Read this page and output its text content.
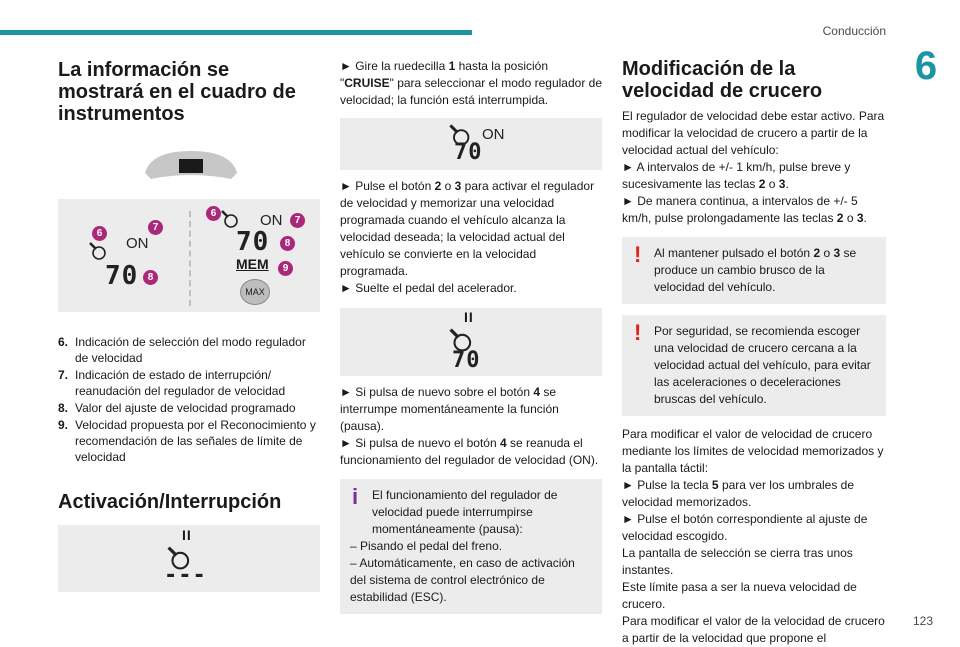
Conducción
6
La información se mostrará en el cuadro de instrumentos
ON
70
6
7
8
ON
70
MEM
MAX
6
7
8
9
6. Indicación de selección del modo regulador de velocidad
7. Indicación de estado de interrupción/ reanudación del regulador de velocidad
8. Valor del ajuste de velocidad programado
9. Velocidad propuesta por el Reconocimiento y recomendación de las señales de límite de velocidad
Activación/Interrupción
II
---

► Gire la ruedecilla 1 hasta la posición "CRUISE" para seleccionar el modo regulador de velocidad; la función está interrumpida.

ON
70

► Pulse el botón 2 o 3 para activar el regulador de velocidad y memorizar una velocidad programada cuando el vehículo alcanza la velocidad deseada; la velocidad actual del vehículo se convierte en la velocidad programada.

► Suelte el pedal del acelerador.

II
70

► Si pulsa de nuevo sobre el botón 4 se interrumpe momentáneamente la función (pausa).

► Si pulsa de nuevo el botón 4 se reanuda el funcionamiento del regulador de velocidad (ON).

i	El funcionamiento del regulador de velocidad puede interrumpirse momentáneamente (pausa):
– Pisando el pedal del freno.
– Automáticamente, en caso de activación del sistema de control electrónico de estabilidad (ESC).
Modificación de la velocidad de crucero

El regulador de velocidad debe estar activo. Para modificar la velocidad de crucero a partir de la velocidad actual del vehículo:

► A intervalos de +/- 1 km/h, pulse breve y sucesivamente las teclas 2 o 3.

► De manera continua, a intervalos de +/- 5 km/h, pulse prolongadamente las teclas 2 o 3.

!	Al mantener pulsado el botón 2 o 3 se produce un cambio brusco de la velocidad del vehículo.
!	Por seguridad, se recomienda escoger una velocidad de crucero cercana a la velocidad actual del vehículo, para evitar las aceleraciones o deceleraciones bruscas del vehículo.

Para modificar el valor de velocidad de crucero mediante los límites de velocidad memorizados y la pantalla táctil:

► Pulse la tecla 5 para ver los umbrales de velocidad memorizados.

► Pulse el botón correspondiente al ajuste de velocidad escogido.

La pantalla de selección se cierra tras unos instantes.

Este límite pasa a ser la nueva velocidad de crucero.

Para modificar el valor de la velocidad de crucero a partir de la velocidad que propone el

123
